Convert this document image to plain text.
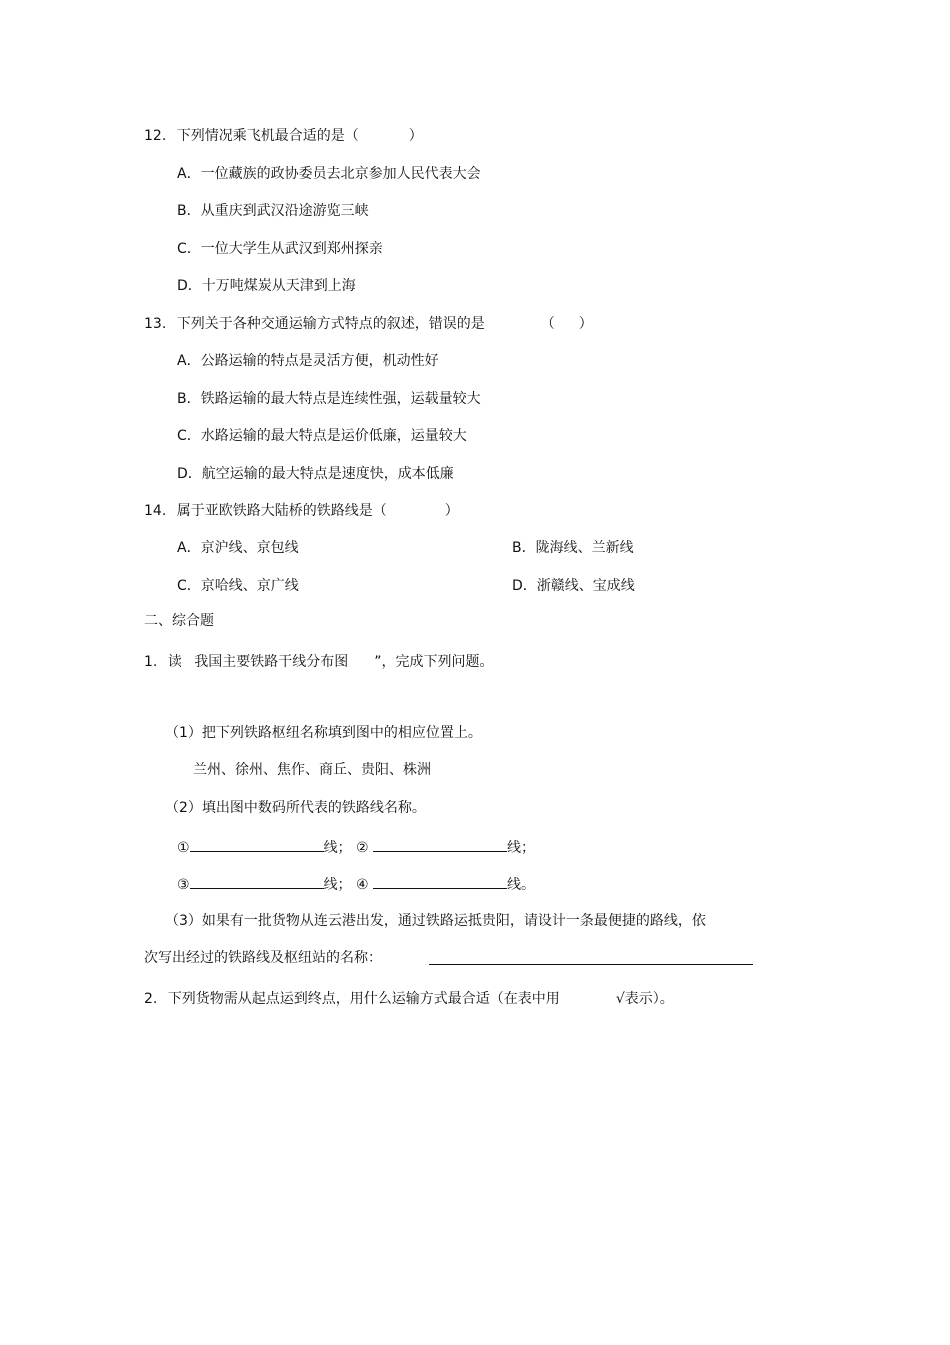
12. 下列情况乘飞机最合适的是（	）
A．一位藏族的政协委员去北京参加人民代表大会
B．从重庆到武汉沿途游览三峡
C．一位大学生从武汉到郑州探亲
D．十万吨煤炭从天津到上海
13. 下列关于各种交通运输方式特点的叙述，错误的是	（ ）
A．公路运输的特点是灵活方便，机动性好
B．铁路运输的最大特点是连续性强，运载量较大
C．水路运输的最大特点是运价低廉，运量较大
D．航空运输的最大特点是速度快，成本低廉
14. 属于亚欧铁路大陆桥的铁路线是（	）
A．京沪线、京包线	B．陇海线、兰新线
C．京哈线、京广线	D．浙赣线、宝成线
二、综合题
1. 读 我国主要铁路干线分布图 ”，完成下列问题。
（1）把下列铁路枢纽名称填到图中的相应位置上。
兰州、徐州、焦作、商丘、贵阳、株洲
（2）填出图中数码所代表的铁路线名称。
①	线； ②	线；
③	线； ④	线。
（3）如果有一批货物从连云港出发，通过铁路运抵贵阳，请设计一条最便捷的路线，依
次写出经过的铁路线及枢纽站的名称：
2. 下列货物需从起点运到终点，用什么运输方式最合适（在表中用	√表示）。
